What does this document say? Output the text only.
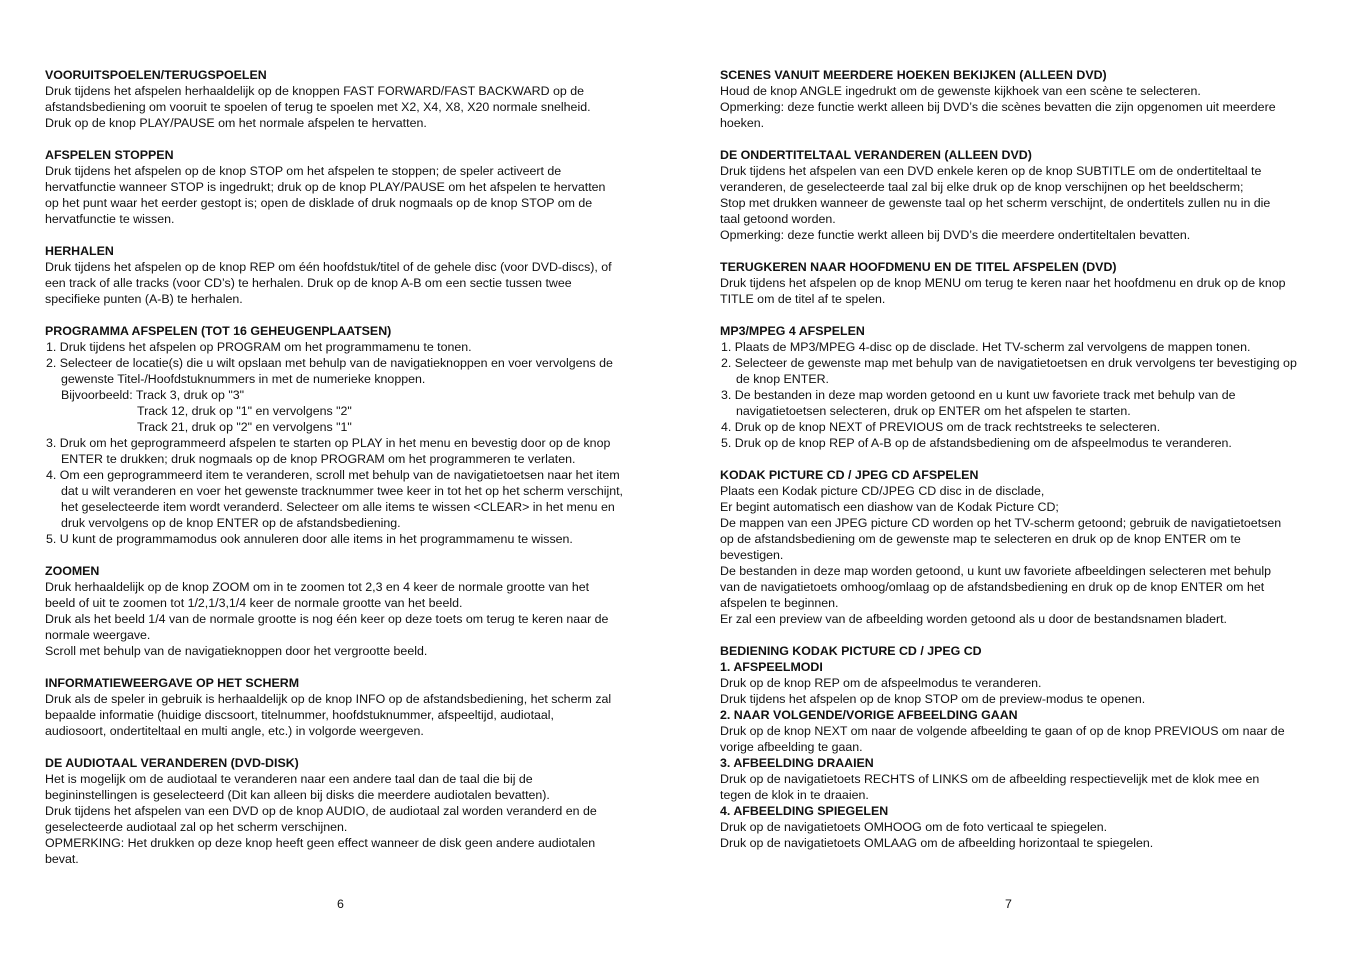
VOORUITSPOELEN/TERUGSPOELEN
Druk tijdens het afspelen herhaaldelijk op de knoppen FAST FORWARD/FAST BACKWARD op de
afstandsbediening om vooruit te spoelen of terug te spoelen met X2, X4, X8, X20 normale snelheid.
Druk op de knop PLAY/PAUSE om het normale afspelen te hervatten.
AFSPELEN STOPPEN
Druk tijdens het afspelen op de knop STOP om het afspelen te stoppen; de speler activeert de
hervatfunctie wanneer STOP is ingedrukt; druk op de knop PLAY/PAUSE om het afspelen te hervatten
op het punt waar het eerder gestopt is; open de disklade of druk nogmaals op de knop STOP om de
hervatfunctie te wissen.
HERHALEN
Druk tijdens het afspelen op de knop REP om één hoofdstuk/titel of de gehele disc (voor DVD-discs), of
een track of alle tracks (voor CD’s) te herhalen. Druk op de knop A-B om een sectie tussen twee
specifieke punten (A-B) te herhalen.
PROGRAMMA AFSPELEN (TOT 16 GEHEUGENPLAATSEN)
1. Druk tijdens het afspelen op PROGRAM om het programmamenu te tonen.
2. Selecteer de locatie(s) die u wilt opslaan met behulp van de navigatieknoppen en voer vervolgens de gewenste Titel-/Hoofdstuknummers in met de numerieke knoppen.
Bijvoorbeeld: Track 3, druk op "3"
Track 12, druk op "1" en vervolgens "2"
Track 21, druk op "2" en vervolgens "1"
3. Druk om het geprogrammeerd afspelen te starten op PLAY in het menu en bevestig door op de knop ENTER te drukken; druk nogmaals op de knop PROGRAM om het programmeren te verlaten.
4. Om een geprogrammeerd item te veranderen, scroll met behulp van de navigatietoetsen naar het item dat u wilt veranderen en voer het gewenste tracknummer twee keer in tot het op het scherm verschijnt, het geselecteerde item wordt veranderd. Selecteer om alle items te wissen <CLEAR> in het menu en druk vervolgens op de knop ENTER op de afstandsbediening.
5. U kunt de programmamodus ook annuleren door alle items in het programmamenu te wissen.
ZOOMEN
Druk herhaaldelijk op de knop ZOOM om in te zoomen tot 2,3 en 4 keer de normale grootte van het
beeld of uit te zoomen tot 1/2,1/3,1/4 keer de normale grootte van het beeld.
Druk als het beeld 1/4 van de normale grootte is nog één keer op deze toets om terug te keren naar de
normale weergave.
Scroll met behulp van de navigatieknoppen door het vergrootte beeld.
INFORMATIEWEERGAVE OP HET SCHERM
Druk als de speler in gebruik is herhaaldelijk op de knop INFO op de afstandsbediening, het scherm zal
bepaalde informatie (huidige discsoort, titelnummer, hoofdstuknummer, afspeeltijd, audiotaal,
audiosoort, ondertiteltaal en multi angle, etc.) in volgorde weergeven.
DE AUDIOTAAL VERANDEREN (DVD-DISK)
Het is mogelijk om de audiotaal te veranderen naar een andere taal dan de taal die bij de
begininstellingen is geselecteerd (Dit kan alleen bij disks die meerdere audiotalen bevatten).
Druk tijdens het afspelen van een DVD op de knop AUDIO, de audiotaal zal worden veranderd en de
geselecteerde audiotaal zal op het scherm verschijnen.
OPMERKING: Het drukken op deze knop heeft geen effect wanneer de disk geen andere audiotalen
bevat.
SCENES VANUIT MEERDERE HOEKEN BEKIJKEN (ALLEEN DVD)
Houd de knop ANGLE ingedrukt om de gewenste kijkhoek van een scène te selecteren.
Opmerking: deze functie werkt alleen bij DVD’s die scènes bevatten die zijn opgenomen uit meerdere
hoeken.
DE ONDERTITELTAAL VERANDEREN (ALLEEN DVD)
Druk tijdens het afspelen van een DVD enkele keren op de knop SUBTITLE om de ondertiteltaal te
veranderen, de geselecteerde taal zal bij elke druk op de knop verschijnen op het beeldscherm;
Stop met drukken wanneer de gewenste taal op het scherm verschijnt, de ondertitels zullen nu in die
taal getoond worden.
Opmerking: deze functie werkt alleen bij DVD’s die meerdere ondertiteltalen bevatten.
TERUGKEREN NAAR HOOFDMENU EN DE TITEL AFSPELEN (DVD)
Druk tijdens het afspelen op de knop MENU om terug te keren naar het hoofdmenu en druk op de knop
TITLE om de titel af te spelen.
MP3/MPEG 4 AFSPELEN
1. Plaats de MP3/MPEG 4-disc op de disclade. Het TV-scherm zal vervolgens de mappen tonen.
2. Selecteer de gewenste map met behulp van de navigatietoetsen en druk vervolgens ter bevestiging op de knop ENTER.
3. De bestanden in deze map worden getoond en u kunt uw favoriete track met behulp van de navigatietoetsen selecteren, druk op ENTER om het afspelen te starten.
4. Druk op de knop NEXT of PREVIOUS om de track rechtstreeks te selecteren.
5. Druk op de knop REP of A-B op de afstandsbediening om de afspeelmodus te veranderen.
KODAK PICTURE CD / JPEG CD AFSPELEN
Plaats een Kodak picture CD/JPEG CD disc in de disclade,
Er begint automatisch een diashow van de Kodak Picture CD;
De mappen van een JPEG picture CD worden op het TV-scherm getoond; gebruik de navigatietoetsen
op de afstandsbediening om de gewenste map te selecteren en druk op de knop ENTER om te
bevestigen.
De bestanden in deze map worden getoond, u kunt uw favoriete afbeeldingen selecteren met behulp
van de navigatietoets omhoog/omlaag op de afstandsbediening en druk op de knop ENTER om het
afspelen te beginnen.
Er zal een preview van de afbeelding worden getoond als u door de bestandsnamen bladert.
BEDIENING KODAK PICTURE CD / JPEG CD
1. AFSPEELMODI
Druk op de knop REP om de afspeelmodus te veranderen.
Druk tijdens het afspelen op de knop STOP om de preview-modus te openen.
2. NAAR VOLGENDE/VORIGE AFBEELDING GAAN
Druk op de knop NEXT om naar de volgende afbeelding te gaan of op de knop PREVIOUS om naar de
vorige afbeelding te gaan.
3. AFBEELDING DRAAIEN
Druk op de navigatietoets RECHTS of LINKS om de afbeelding respectievelijk met de klok mee en
tegen de klok in te draaien.
4. AFBEELDING SPIEGELEN
Druk op de navigatietoets OMHOOG om de foto verticaal te spiegelen.
Druk op de navigatietoets OMLAAG om de afbeelding horizontaal te spiegelen.
6	7
